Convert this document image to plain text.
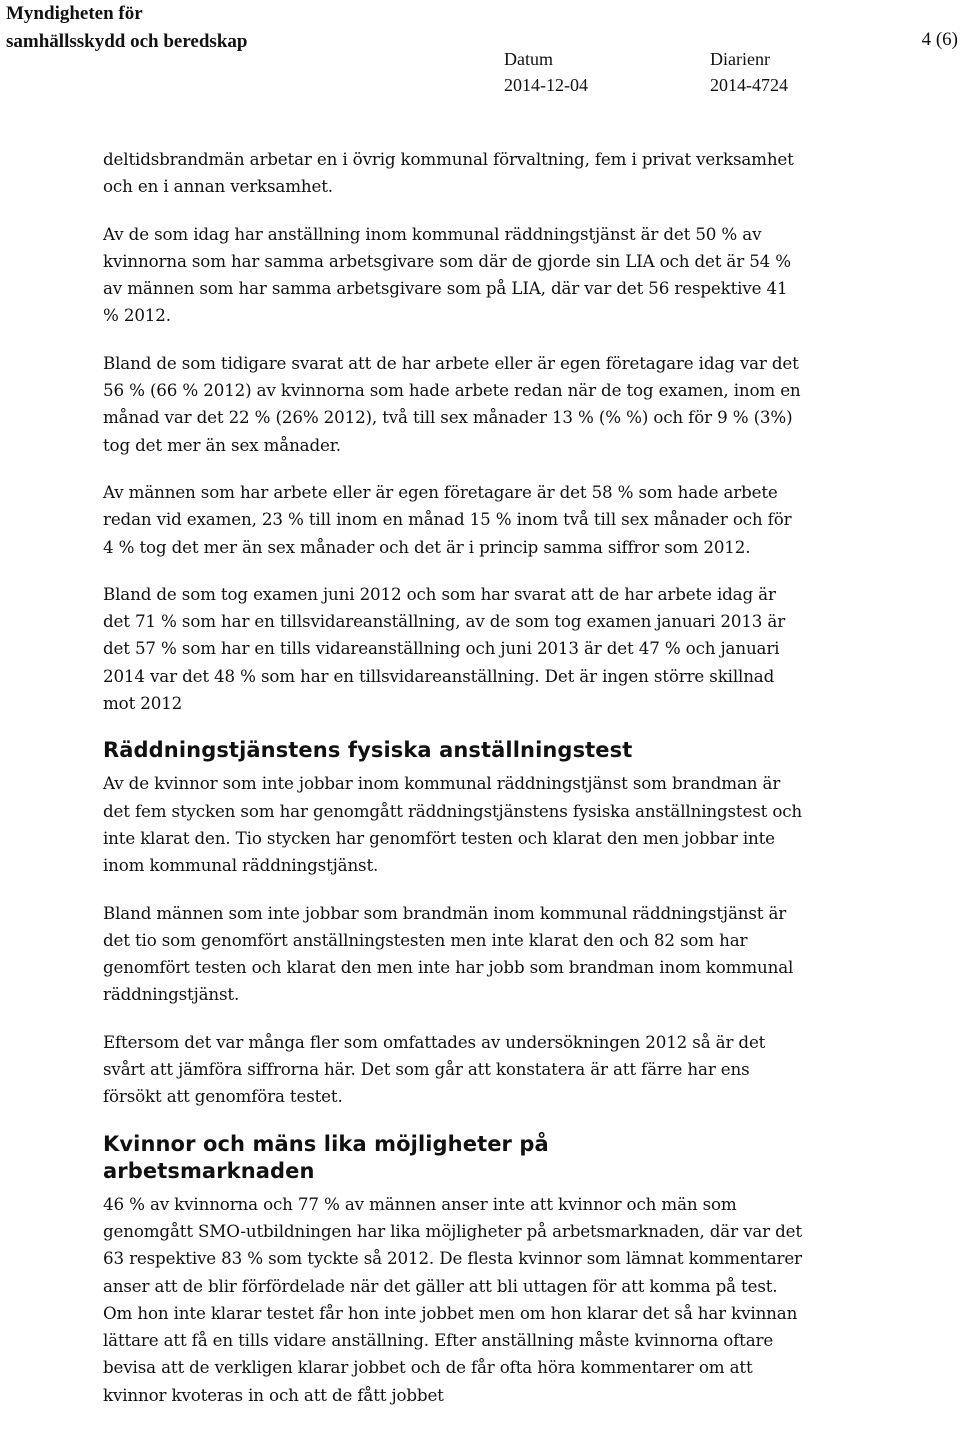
Myndigheten för
samhällsskydd och beredskap	4 (6)
Datum
2014-12-04
Diarienr
2014-4724

deltidsbrandmän arbetar en i övrig kommunal förvaltning, fem i privat verksamhet och en i annan verksamhet.

Av de som idag har anställning inom kommunal räddningstjänst är det 50 % av kvinnorna som har samma arbetsgivare som där de gjorde sin LIA och det är 54 % av männen som har samma arbetsgivare som på LIA, där var det 56 respektive 41 % 2012.

Bland de som tidigare svarat att de har arbete eller är egen företagare idag var det 56 % (66 % 2012) av kvinnorna som hade arbete redan när de tog examen, inom en månad var det 22 % (26% 2012), två till sex månader 13 % (% %) och för 9 % (3%) tog det mer än sex månader.

Av männen som har arbete eller är egen företagare är det 58 % som hade arbete redan vid examen, 23 % till inom en månad 15 % inom två till sex månader och för 4 % tog det mer än sex månader och det är i princip samma siffror som 2012.

Bland de som tog examen juni 2012 och som har svarat att de har arbete idag är det 71 % som har en tillsvidareanställning, av de som tog examen januari 2013 är det 57 % som har en tills vidareanställning och juni 2013 är det 47 % och januari 2014 var det 48 % som har en tillsvidareanställning. Det är ingen större skillnad mot 2012

Räddningstjänstens fysiska anställningstest

Av de kvinnor som inte jobbar inom kommunal räddningstjänst som brandman är det fem stycken som har genomgått räddningstjänstens fysiska anställningstest och inte klarat den. Tio stycken har genomfört testen och klarat den men jobbar inte inom kommunal räddningstjänst.

Bland männen som inte jobbar som brandmän inom kommunal räddningstjänst är det tio som genomfört anställningstesten men inte klarat den och 82 som har genomfört testen och klarat den men inte har jobb som brandman inom kommunal räddningstjänst.

Eftersom det var många fler som omfattades av undersökningen 2012 så är det svårt att jämföra siffrorna här. Det som går att konstatera är att färre har ens försökt att genomföra testet.

Kvinnor och mäns lika möjligheter på arbetsmarknaden

46 % av kvinnorna och 77 % av männen anser inte att kvinnor och män som genomgått SMO-utbildningen har lika möjligheter på arbetsmarknaden, där var det 63 respektive 83 % som tyckte så 2012. De flesta kvinnor som lämnat kommentarer anser att de blir förfördelade när det gäller att bli uttagen för att komma på test. Om hon inte klarar testet får hon inte jobbet men om hon klarar det så har kvinnan lättare att få en tills vidare anställning. Efter anställning måste kvinnorna oftare bevisa att de verkligen klarar jobbet och de får ofta höra kommentarer om att kvinnor kvoteras in och att de fått jobbet
